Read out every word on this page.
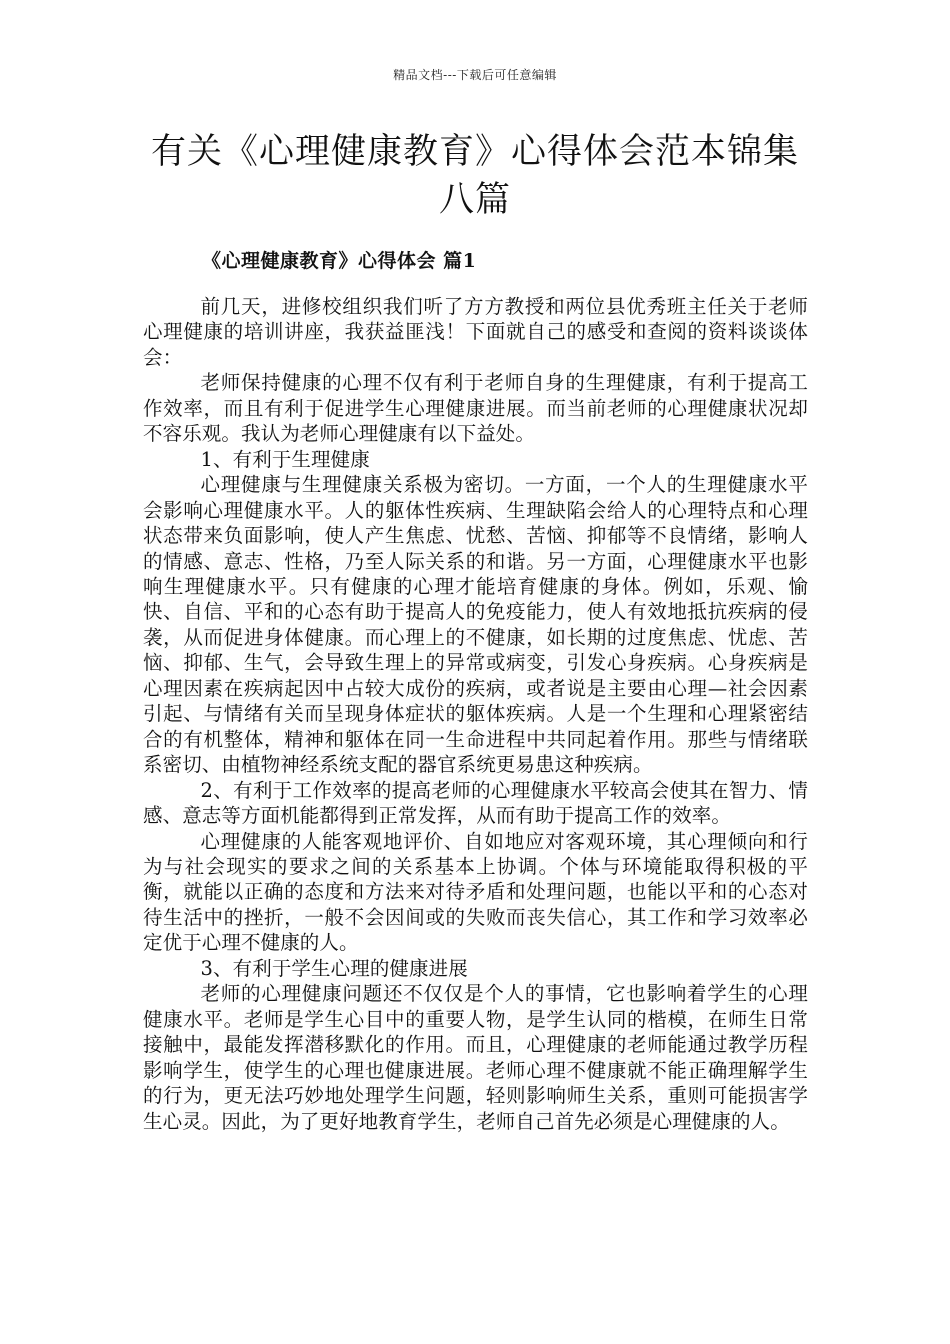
精品文档---下载后可任意编辑
有关《心理健康教育》心得体会范本锦集八篇
《心理健康教育》心得体会 篇1

前几天，进修校组织我们听了方方教授和两位县优秀班主任关于老师心理健康的培训讲座，我获益匪浅！下面就自己的感受和查阅的资料谈谈体会：

老师保持健康的心理不仅有利于老师自身的生理健康，有利于提高工作效率，而且有利于促进学生心理健康进展。而当前老师的心理健康状况却不容乐观。我认为老师心理健康有以下益处。

1、有利于生理健康

心理健康与生理健康关系极为密切。一方面，一个人的生理健康水平会影响心理健康水平。人的躯体性疾病、生理缺陷会给人的心理特点和心理状态带来负面影响，使人产生焦虑、忧愁、苦恼、抑郁等不良情绪，影响人的情感、意志、性格，乃至人际关系的和谐。另一方面，心理健康水平也影响生理健康水平。只有健康的心理才能培育健康的身体。例如，乐观、愉快、自信、平和的心态有助于提高人的免疫能力，使人有效地抵抗疾病的侵袭，从而促进身体健康。而心理上的不健康，如长期的过度焦虑、忧虑、苦恼、抑郁、生气，会导致生理上的异常或病变，引发心身疾病。心身疾病是心理因素在疾病起因中占较大成份的疾病，或者说是主要由心理—社会因素引起、与情绪有关而呈现身体症状的躯体疾病。人是一个生理和心理紧密结合的有机整体，精神和躯体在同一生命进程中共同起着作用。那些与情绪联系密切、由植物神经系统支配的器官系统更易患这种疾病。

2、有利于工作效率的提高老师的心理健康水平较高会使其在智力、情感、意志等方面机能都得到正常发挥，从而有助于提高工作的效率。

心理健康的人能客观地评价、自如地应对客观环境，其心理倾向和行为与社会现实的要求之间的关系基本上协调。个体与环境能取得积极的平衡，就能以正确的态度和方法来对待矛盾和处理问题，也能以平和的心态对待生活中的挫折，一般不会因间或的失败而丧失信心，其工作和学习效率必定优于心理不健康的人。

3、有利于学生心理的健康进展

老师的心理健康问题还不仅仅是个人的事情，它也影响着学生的心理健康水平。老师是学生心目中的重要人物，是学生认同的楷模，在师生日常接触中，最能发挥潜移默化的作用。而且，心理健康的老师能通过教学历程影响学生，使学生的心理也健康进展。老师心理不健康就不能正确理解学生的行为，更无法巧妙地处理学生问题，轻则影响师生关系，重则可能损害学生心灵。因此，为了更好地教育学生，老师自己首先必须是心理健康的人。
